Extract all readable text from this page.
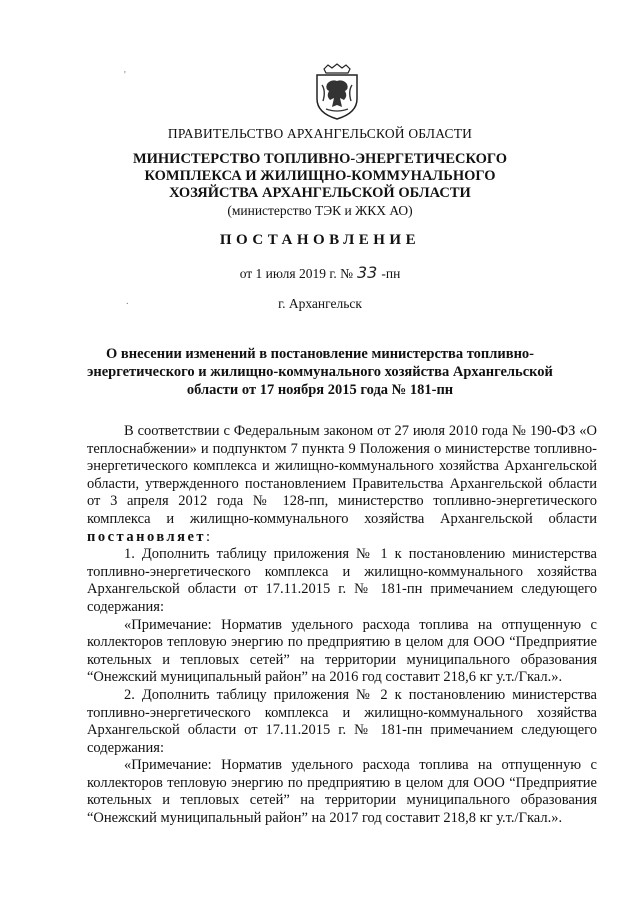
'
.
ПРАВИТЕЛЬСТВО АРХАНГЕЛЬСКОЙ ОБЛАСТИ
МИНИСТЕРСТВО ТОПЛИВНО-ЭНЕРГЕТИЧЕСКОГО
КОМПЛЕКСА И ЖИЛИЩНО-КОММУНАЛЬНОГО
ХОЗЯЙСТВА АРХАНГЕЛЬСКОЙ ОБЛАСТИ
(министерство ТЭК и ЖКХ АО)
ПОСТАНОВЛЕНИЕ
от 1 июля 2019 г. № 33 -пн
г. Архангельск
О внесении изменений в постановление министерства топливно-
энергетического и жилищно-коммунального хозяйства Архангельской
области от 17 ноября 2015 года № 181-пн

В соответствии с Федеральным законом от 27 июля 2010 года № 190-ФЗ «О теплоснабжении» и подпунктом 7 пункта 9 Положения о министерстве топливно-энергетического комплекса и жилищно-коммунального хозяйства Архангельской области, утвержденного постановлением Правительства Архангельской области от 3 апреля 2012 года № 128-пп, министерство топливно-энергетического комплекса и жилищно-коммунального хозяйства Архангельской области постановляет:

1. Дополнить таблицу приложения № 1 к постановлению министерства топливно-энергетического комплекса и жилищно-коммунального хозяйства Архангельской области от 17.11.2015 г. № 181-пн примечанием следующего содержания:

«Примечание: Норматив удельного расхода топлива на отпущенную с коллекторов тепловую энергию по предприятию в целом для ООО “Предприятие котельных и тепловых сетей” на территории муниципального образования “Онежский муниципальный район” на 2016 год составит 218,6 кг у.т./Гкал.».

2. Дополнить таблицу приложения № 2 к постановлению министерства топливно-энергетического комплекса и жилищно-коммунального хозяйства Архангельской области от 17.11.2015 г. № 181-пн примечанием следующего содержания:

«Примечание: Норматив удельного расхода топлива на отпущенную с коллекторов тепловую энергию по предприятию в целом для ООО “Предприятие котельных и тепловых сетей” на территории муниципального образования “Онежский муниципальный район” на 2017 год составит 218,8 кг у.т./Гкал.».
